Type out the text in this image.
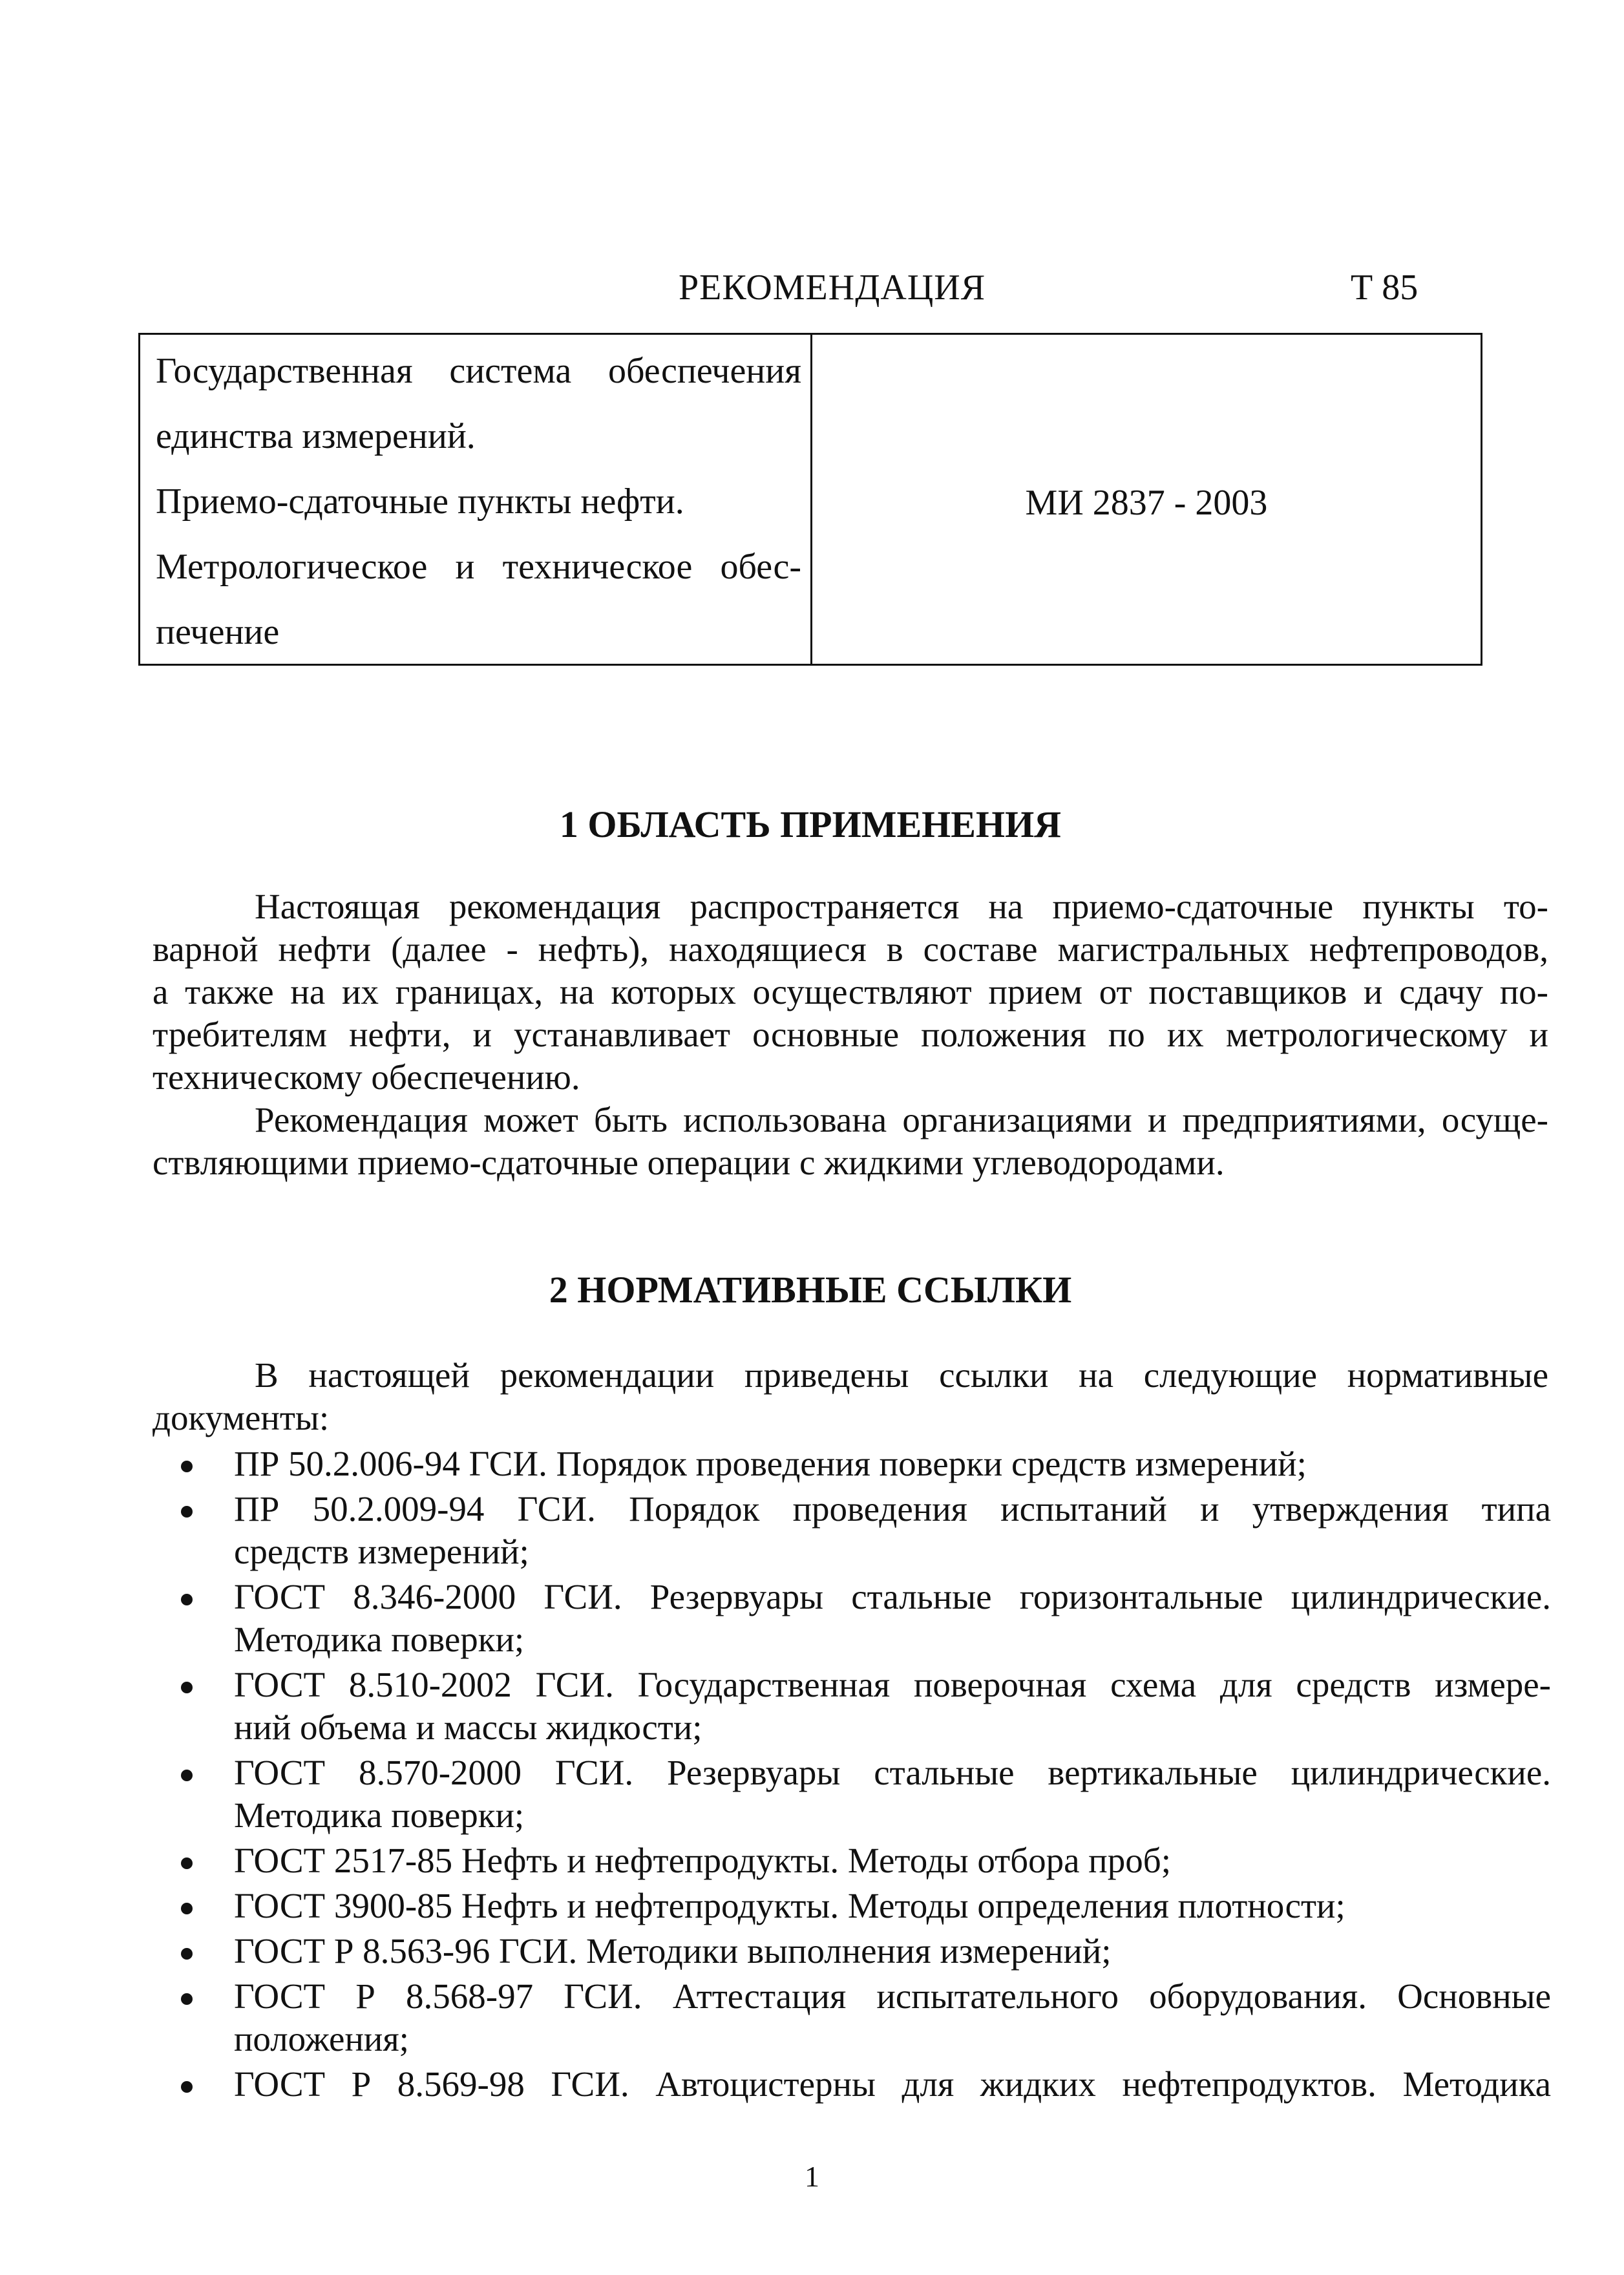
РЕКОМЕНДАЦИЯ	Т 85
Государственная система обеспечения
единства измерений.
Приемо-сдаточные пункты нефти.
Метрологическое и техническое обес-
печение
МИ 2837 - 2003
1 ОБЛАСТЬ ПРИМЕНЕНИЯ
Настоящая рекомендация распространяется на приемо-сдаточные пункты то-
варной нефти (далее - нефть), находящиеся в составе магистральных нефтепроводов,
а также на их границах, на которых осуществляют прием от поставщиков и сдачу по-
требителям нефти, и устанавливает основные положения по их метрологическому и
техническому обеспечению.
Рекомендация может быть использована организациями и предприятиями, осуще-
ствляющими приемо-сдаточные операции с жидкими углеводородами.
2 НОРМАТИВНЫЕ ССЫЛКИ
В настоящей рекомендации приведены ссылки на следующие нормативные
документы:
ПР 50.2.006-94 ГСИ. Порядок проведения поверки средств измерений;
ПР 50.2.009-94 ГСИ. Порядок проведения испытаний и утверждения типа
средств измерений;
ГОСТ 8.346-2000 ГСИ. Резервуары стальные горизонтальные цилиндрические.
Методика поверки;
ГОСТ 8.510-2002 ГСИ. Государственная поверочная схема для средств измере-
ний объема и массы жидкости;
ГОСТ 8.570-2000 ГСИ. Резервуары стальные вертикальные цилиндрические.
Методика поверки;
ГОСТ 2517-85 Нефть и нефтепродукты. Методы отбора проб;
ГОСТ 3900-85 Нефть и нефтепродукты. Методы определения плотности;
ГОСТ Р 8.563-96 ГСИ. Методики выполнения измерений;
ГОСТ Р 8.568-97 ГСИ. Аттестация испытательного оборудования. Основные
положения;
ГОСТ Р 8.569-98 ГСИ. Автоцистерны для жидких нефтепродуктов. Методика
1
